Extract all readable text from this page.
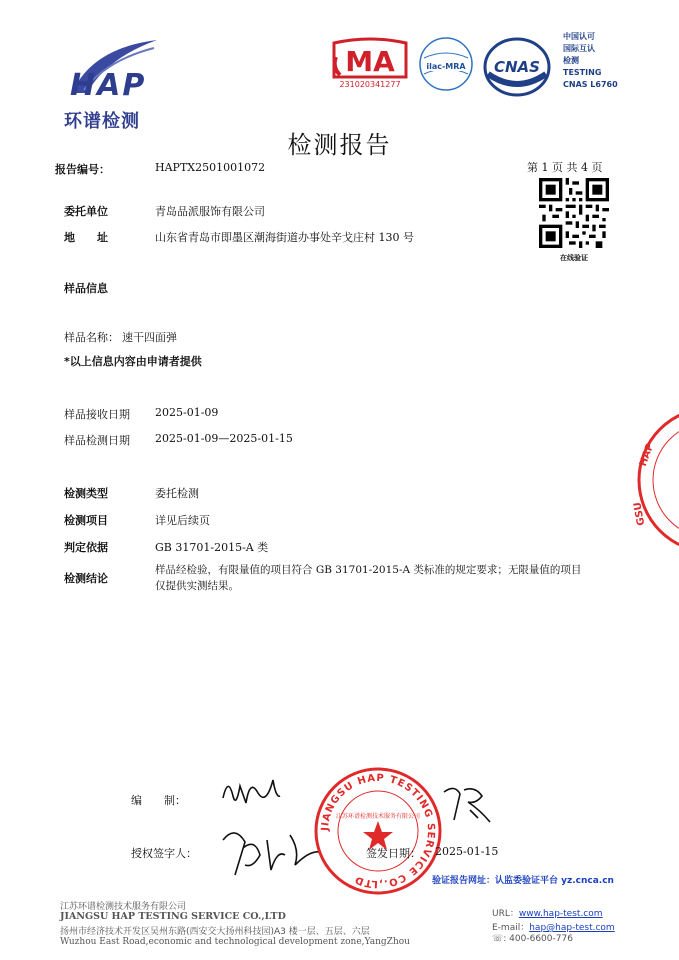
HAP
环谱检测
MA
231020341277
ilac-MRA CNAS
中国认可
国际互认
检测
TESTING
CNAS L6760
检测报告
报告编号：	HAPTX2501001072	第 1 页 共 4 页
委托单位	青岛品派服饰有限公司
地　　址	山东省青岛市即墨区潮海街道办事处辛戈庄村 130 号
在线验证
样品信息
样品名称： 速干四面弹
*以上信息内容由申请者提供
样品接收日期 2025-01-09
样品检测日期 2025-01-09—2025-01-15
检测类型	委托检测
检测项目	详见后续页
判定依据	GB 31701-2015-A 类
检测结论
样品经检验，有限量值的项目符合 GB 31701-2015-A 类标准的规定要求；无限量值的项目
仅提供实测结果。
HAP
GSU
编　　制：
授权签字人：
JIANGSU HAP TESTING SERVICE CO.,LTD
江苏环谱检测技术服务有限公司
签发日期： 2025-01-15
验证报告网址：认监委验证平台 yz.cnca.cn
江苏环谱检测技术服务有限公司
JIANGSU HAP TESTING SERVICE CO.,LTD
扬州市经济技术开发区吴州东路(西安交大扬州科技园)A3 楼一层、五层、六层
Wuzhou East Road,economic and technological development zone,YangZhou
URL：www.hap-test.com
E-mail：hap@hap-test.com
☏: 400-6600-776
